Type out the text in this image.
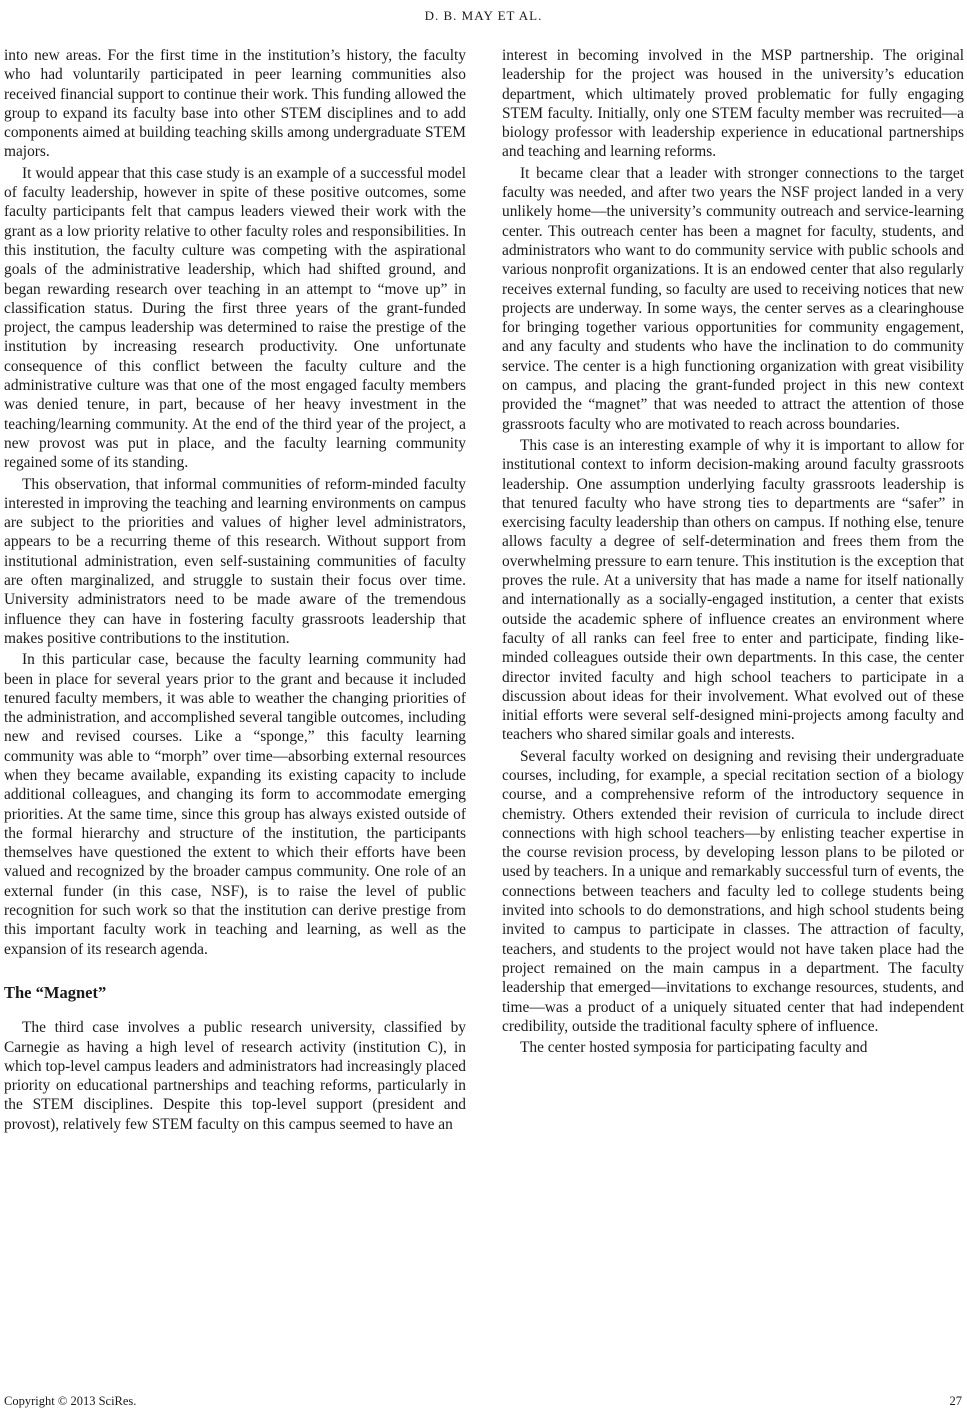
D. B. MAY ET AL.

into new areas. For the first time in the institution’s history, the faculty who had voluntarily participated in peer learning communities also received financial support to continue their work. This funding allowed the group to expand its faculty base into other STEM disciplines and to add components aimed at building teaching skills among undergraduate STEM majors.

It would appear that this case study is an example of a successful model of faculty leadership, however in spite of these positive outcomes, some faculty participants felt that campus leaders viewed their work with the grant as a low priority relative to other faculty roles and responsibilities. In this institution, the faculty culture was competing with the aspirational goals of the administrative leadership, which had shifted ground, and began rewarding research over teaching in an attempt to “move up” in classification status. During the first three years of the grant-funded project, the campus leadership was determined to raise the prestige of the institution by increasing research productivity. One unfortunate consequence of this conflict between the faculty culture and the administrative culture was that one of the most engaged faculty members was denied tenure, in part, because of her heavy investment in the teaching/learning community. At the end of the third year of the project, a new provost was put in place, and the faculty learning community regained some of its standing.

This observation, that informal communities of reform-minded faculty interested in improving the teaching and learning environments on campus are subject to the priorities and values of higher level administrators, appears to be a recurring theme of this research. Without support from institutional administration, even self-sustaining communities of faculty are often marginalized, and struggle to sustain their focus over time. University administrators need to be made aware of the tremendous influence they can have in fostering faculty grassroots leadership that makes positive contributions to the institution.

In this particular case, because the faculty learning community had been in place for several years prior to the grant and because it included tenured faculty members, it was able to weather the changing priorities of the administration, and accomplished several tangible outcomes, including new and revised courses. Like a “sponge,” this faculty learning community was able to “morph” over time—absorbing external resources when they became available, expanding its existing capacity to include additional colleagues, and changing its form to accommodate emerging priorities. At the same time, since this group has always existed outside of the formal hierarchy and structure of the institution, the participants themselves have questioned the extent to which their efforts have been valued and recognized by the broader campus community. One role of an external funder (in this case, NSF), is to raise the level of public recognition for such work so that the institution can derive prestige from this important faculty work in teaching and learning, as well as the expansion of its research agenda.

The “Magnet”

The third case involves a public research university, classified by Carnegie as having a high level of research activity (institution C), in which top-level campus leaders and administrators had increasingly placed priority on educational partnerships and teaching reforms, particularly in the STEM disciplines. Despite this top-level support (president and provost), relatively few STEM faculty on this campus seemed to have an

interest in becoming involved in the MSP partnership. The original leadership for the project was housed in the university’s education department, which ultimately proved problematic for fully engaging STEM faculty. Initially, only one STEM faculty member was recruited—a biology professor with leadership experience in educational partnerships and teaching and learning reforms.

It became clear that a leader with stronger connections to the target faculty was needed, and after two years the NSF project landed in a very unlikely home—the university’s community outreach and service-learning center. This outreach center has been a magnet for faculty, students, and administrators who want to do community service with public schools and various nonprofit organizations. It is an endowed center that also regularly receives external funding, so faculty are used to receiving notices that new projects are underway. In some ways, the center serves as a clearinghouse for bringing together various opportunities for community engagement, and any faculty and students who have the inclination to do community service. The center is a high functioning organization with great visibility on campus, and placing the grant-funded project in this new context provided the “magnet” that was needed to attract the attention of those grassroots faculty who are motivated to reach across boundaries.

This case is an interesting example of why it is important to allow for institutional context to inform decision-making around faculty grassroots leadership. One assumption underlying faculty grassroots leadership is that tenured faculty who have strong ties to departments are “safer” in exercising faculty leadership than others on campus. If nothing else, tenure allows faculty a degree of self-determination and frees them from the overwhelming pressure to earn tenure. This institution is the exception that proves the rule. At a university that has made a name for itself nationally and internationally as a socially-engaged institution, a center that exists outside the academic sphere of influence creates an environment where faculty of all ranks can feel free to enter and participate, finding like-minded colleagues outside their own departments. In this case, the center director invited faculty and high school teachers to participate in a discussion about ideas for their involvement. What evolved out of these initial efforts were several self-designed mini-projects among faculty and teachers who shared similar goals and interests.

Several faculty worked on designing and revising their undergraduate courses, including, for example, a special recitation section of a biology course, and a comprehensive reform of the introductory sequence in chemistry. Others extended their revision of curricula to include direct connections with high school teachers—by enlisting teacher expertise in the course revision process, by developing lesson plans to be piloted or used by teachers. In a unique and remarkably successful turn of events, the connections between teachers and faculty led to college students being invited into schools to do demonstrations, and high school students being invited to campus to participate in classes. The attraction of faculty, teachers, and students to the project would not have taken place had the project remained on the main campus in a department. The faculty leadership that emerged—invitations to exchange resources, students, and time—was a product of a uniquely situated center that had independent credibility, outside the traditional faculty sphere of influence.

The center hosted symposia for participating faculty and

Copyright © 2013 SciRes.	27
